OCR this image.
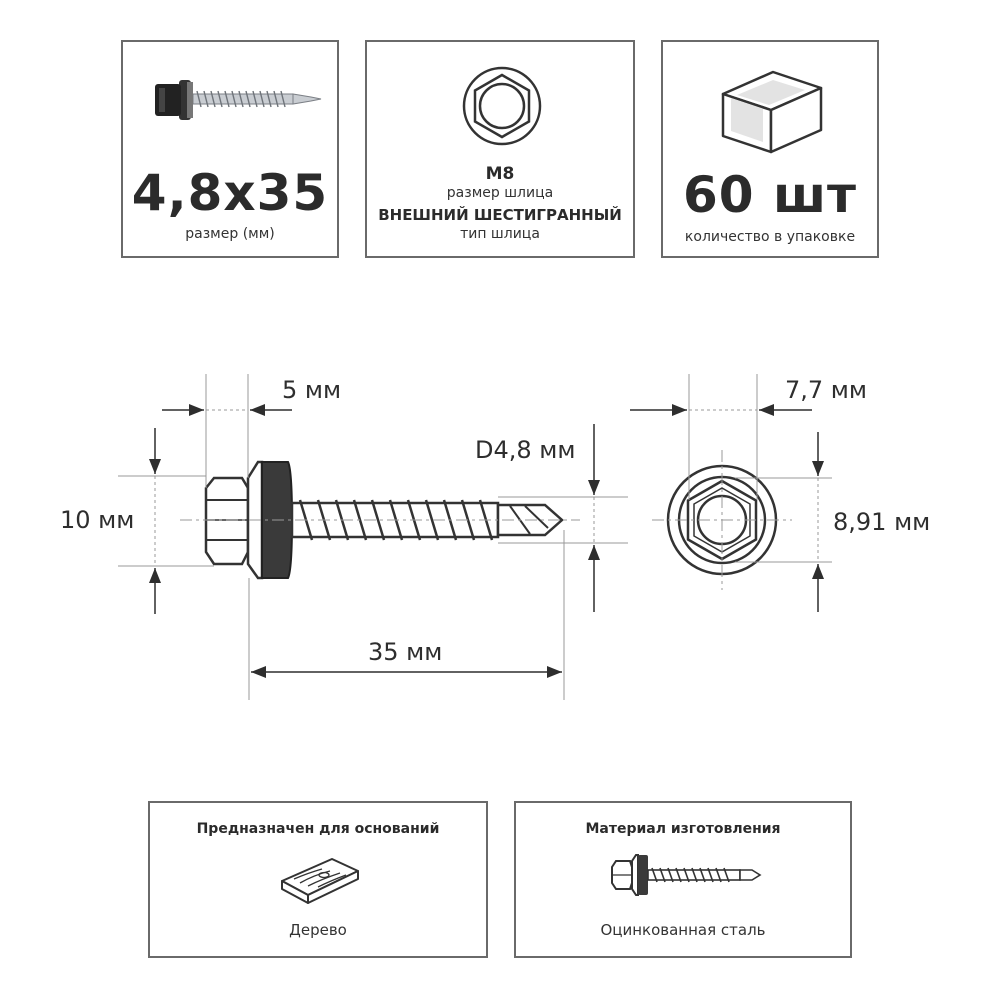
4,8x35
размер (мм)
M8
размер шлица
ВНЕШНИЙ ШЕСТИГРАННЫЙ
тип шлица
60 шт
количество в упаковке
5 мм
10 мм
D4,8 мм
35 мм
7,7 мм
8,91 мм
Предназначен для оснований
Дерево
Материал изготовления
Оцинкованная сталь
